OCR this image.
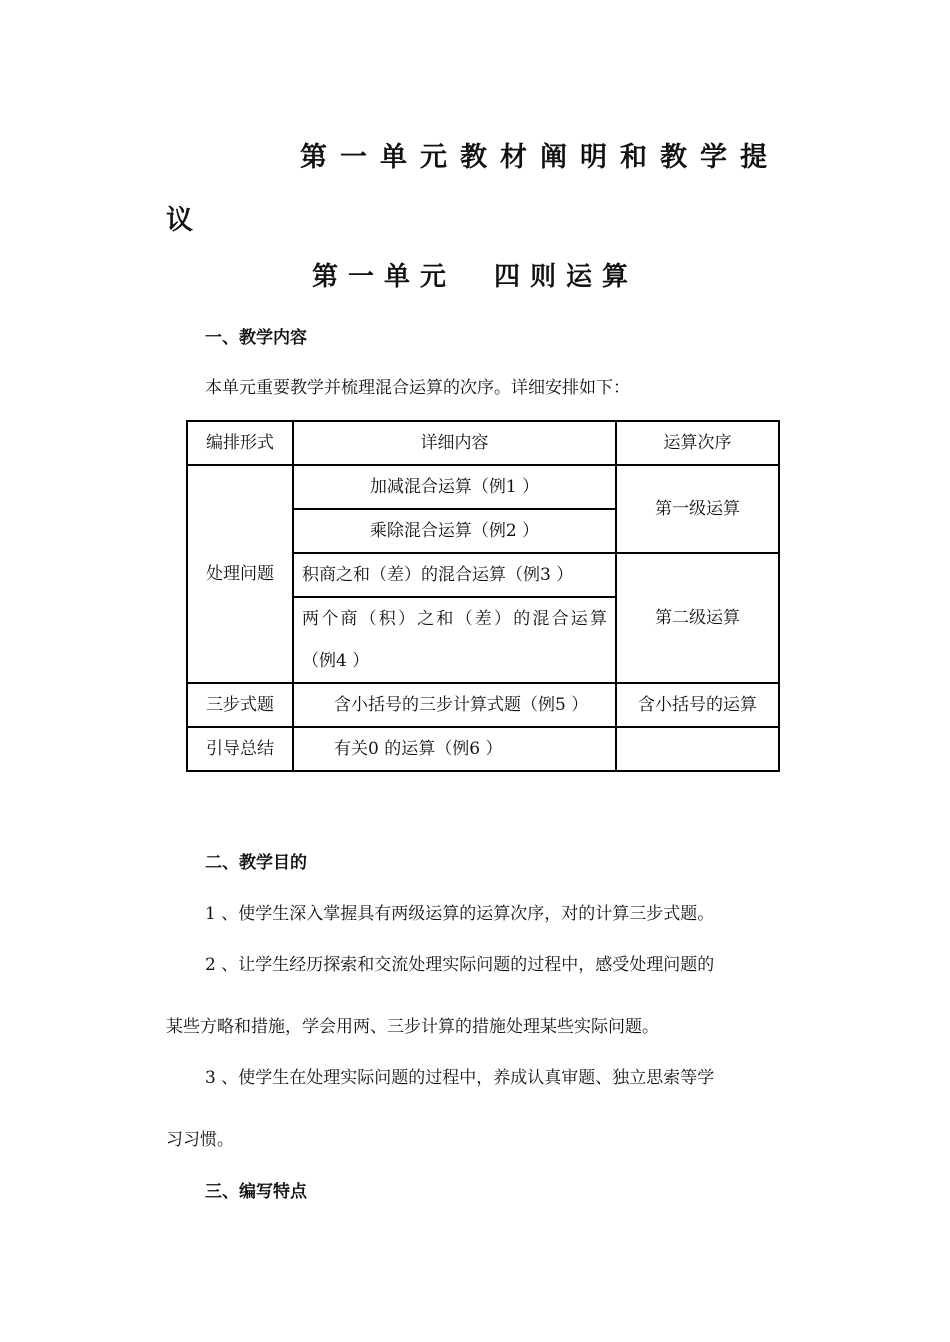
第一单元教材阐明和教学提
议
第一单元  四则运算
一、教学内容
本单元重要教学并梳理混合运算的次序。详细安排如下：
编排形式	详细内容	运算次序
处理问题	加减混合运算（例1 ）	第一级运算
	乘除混合运算（例2 ）	
	积商之和（差）的混合运算（例3 ）	第二级运算
	两个商（积）之和（差）的混合运算（例4 ）	
三步式题	含小括号的三步计算式题（例5 ）	含小括号的运算
引导总结	有关0 的运算（例6 ）	
二、教学目的
1 、使学生深入掌握具有两级运算的运算次序，对的计算三步式题。
2 、让学生经历探索和交流处理实际问题的过程中，感受处理问题的
某些方略和措施，学会用两、三步计算的措施处理某些实际问题。
3 、使学生在处理实际问题的过程中，养成认真审题、独立思索等学
习习惯。
三、编写特点
